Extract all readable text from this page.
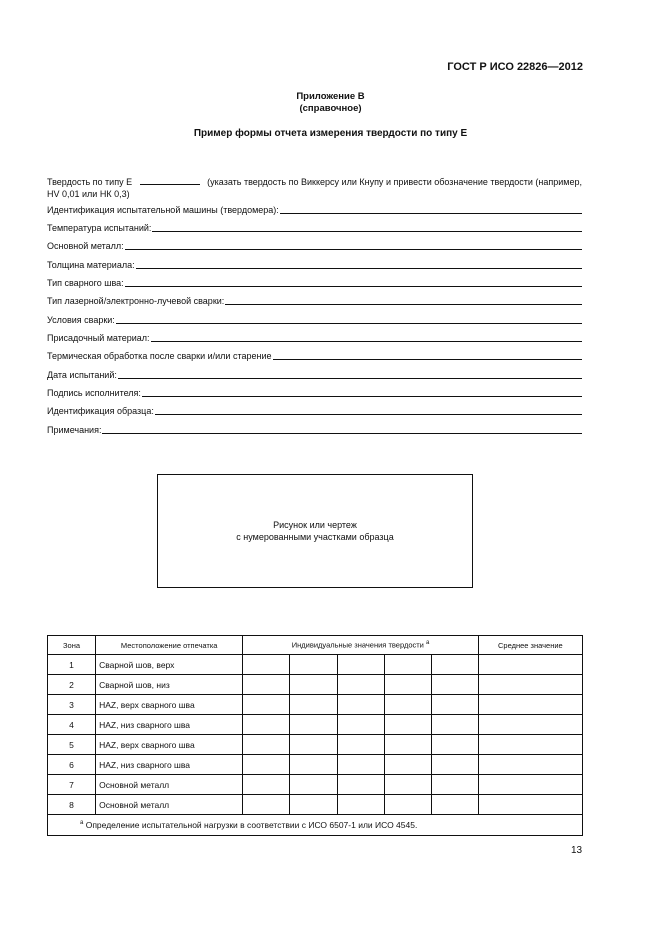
ГОСТ Р ИСО 22826—2012
Приложение В
(справочное)
Пример формы отчета измерения твердости по типу Е
Твердость по типу Е	(указать твердость по Виккерсу или Кнупу и привести обозначение твердости (например, HV 0,01 или НК 0,3)
Идентификация испытательной машины (твердомера):
Температура испытаний:
Основной металл:
Толщина материала:
Тип сварного шва:
Тип лазерной/электронно-лучевой сварки:
Условия сварки:
Присадочный материал:
Термическая обработка после сварки и/или старение
Дата испытаний:
Подпись исполнителя:
Идентификация образца:
Примечания:
Рисунок или чертеж
с нумерованными участками образца
Зона	Местоположение отпечатка	Индивидуальные значения твердости $^а$					Среднее значение
1	Сварной шов, верх						
2	Сварной шов, низ						
3	HAZ, верх сварного шва						
4	HAZ, низ сварного шва						
5	HAZ, верх сварного шва						
6	HAZ, низ сварного шва						
7	Основной металл						
8	Основной металл						
$^а$ Определение испытательной нагрузки в соответствии с ИСО 6507-1 или ИСО 4545.							
13
